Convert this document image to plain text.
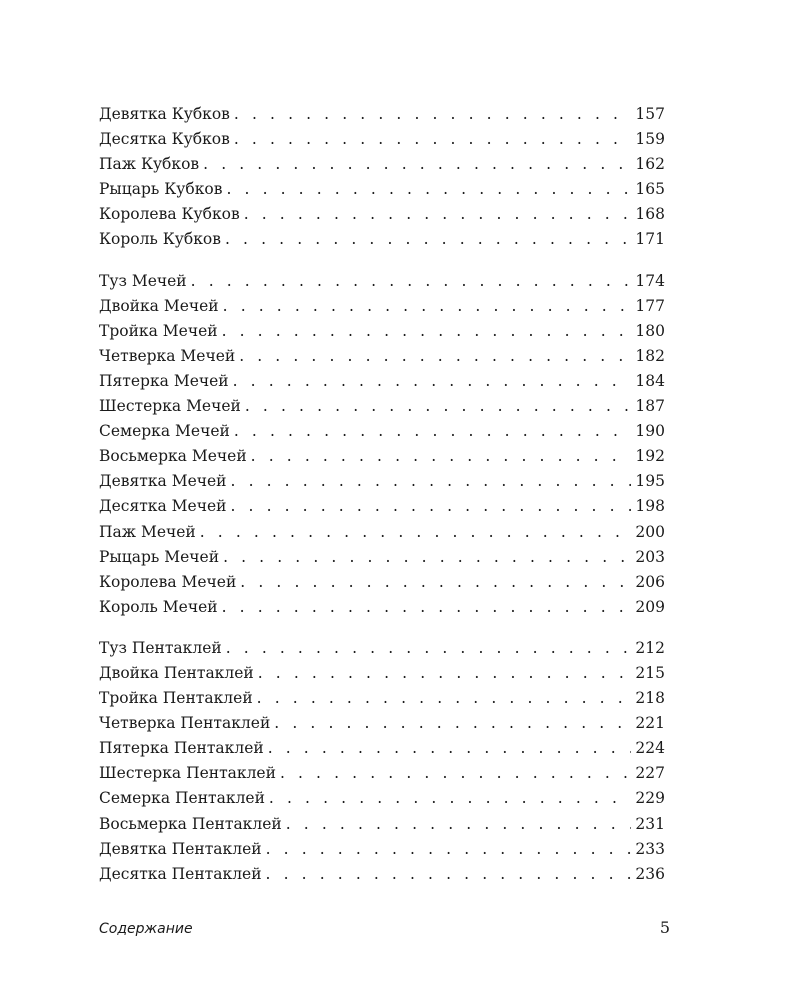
Девятка Кубков . . .	157
Десятка Кубков . . .	159
Паж Кубков . . .	162
Рыцарь Кубков . . .	165
Королева Кубков . . .	168
Король Кубков . . .	171
Туз Мечей . . .	174
Двойка Мечей . . .	177
Тройка Мечей . . .	180
Четверка Мечей . . .	182
Пятерка Мечей . . .	184
Шестерка Мечей . . .	187
Семерка Мечей . . .	190
Восьмерка Мечей . . .	192
Девятка Мечей . . .	195
Десятка Мечей . . .	198
Паж Мечей . . .	200
Рыцарь Мечей . . .	203
Королева Мечей . . .	206
Король Мечей . . .	209
Туз Пентаклей . . .	212
Двойка Пентаклей . . .	215
Тройка Пентаклей . . .	218
Четверка Пентаклей . . .	221
Пятерка Пентаклей . . .	224
Шестерка Пентаклей . . .	227
Семерка Пентаклей . . .	229
Восьмерка Пентаклей . . .	231
Девятка Пентаклей . . .	233
Десятка Пентаклей . . .	236
Содержание	5
